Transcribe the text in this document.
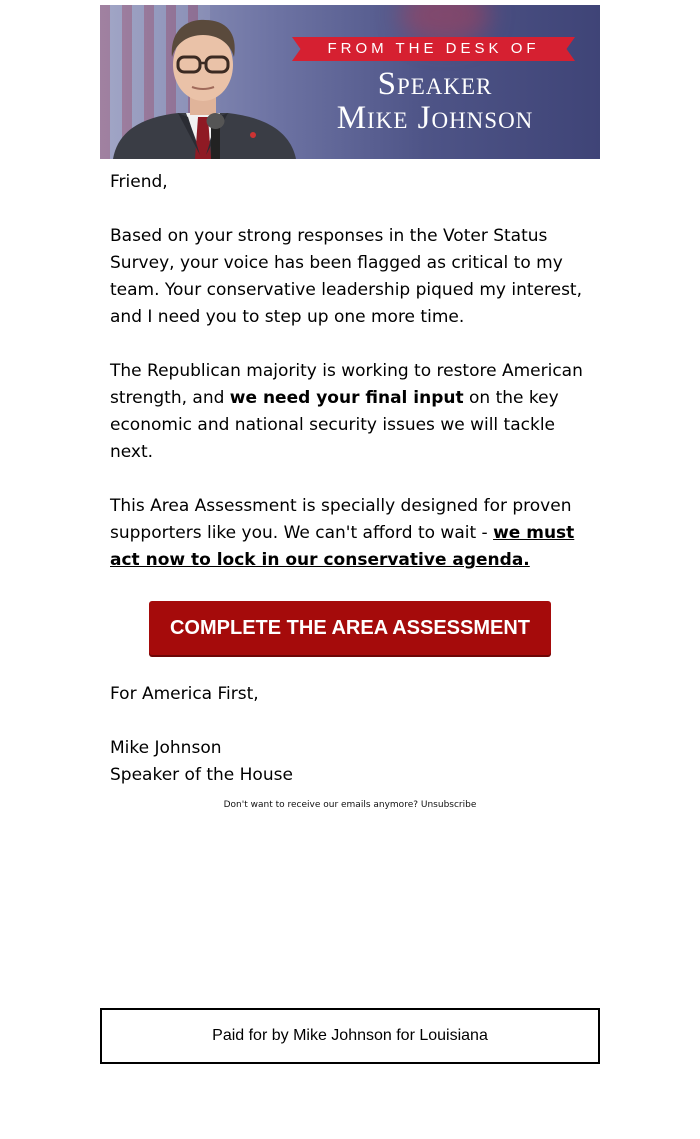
FROM THE DESK OF
Speaker
Mike Johnson

Friend,

Based on your strong responses in the Voter Status Survey, your voice has been flagged as critical to my team. Your conservative leadership piqued my interest, and I need you to step up one more time.

The Republican majority is working to restore American strength, and we need your final input on the key economic and national security issues we will tackle next.

This Area Assessment is specially designed for proven supporters like you. We can't afford to wait - we must act now to lock in our conservative agenda.

COMPLETE THE AREA ASSESSMENT

For America First,

Mike Johnson
Speaker of the House
Don't want to receive our emails anymore? Unsubscribe
Paid for by Mike Johnson for Louisiana
